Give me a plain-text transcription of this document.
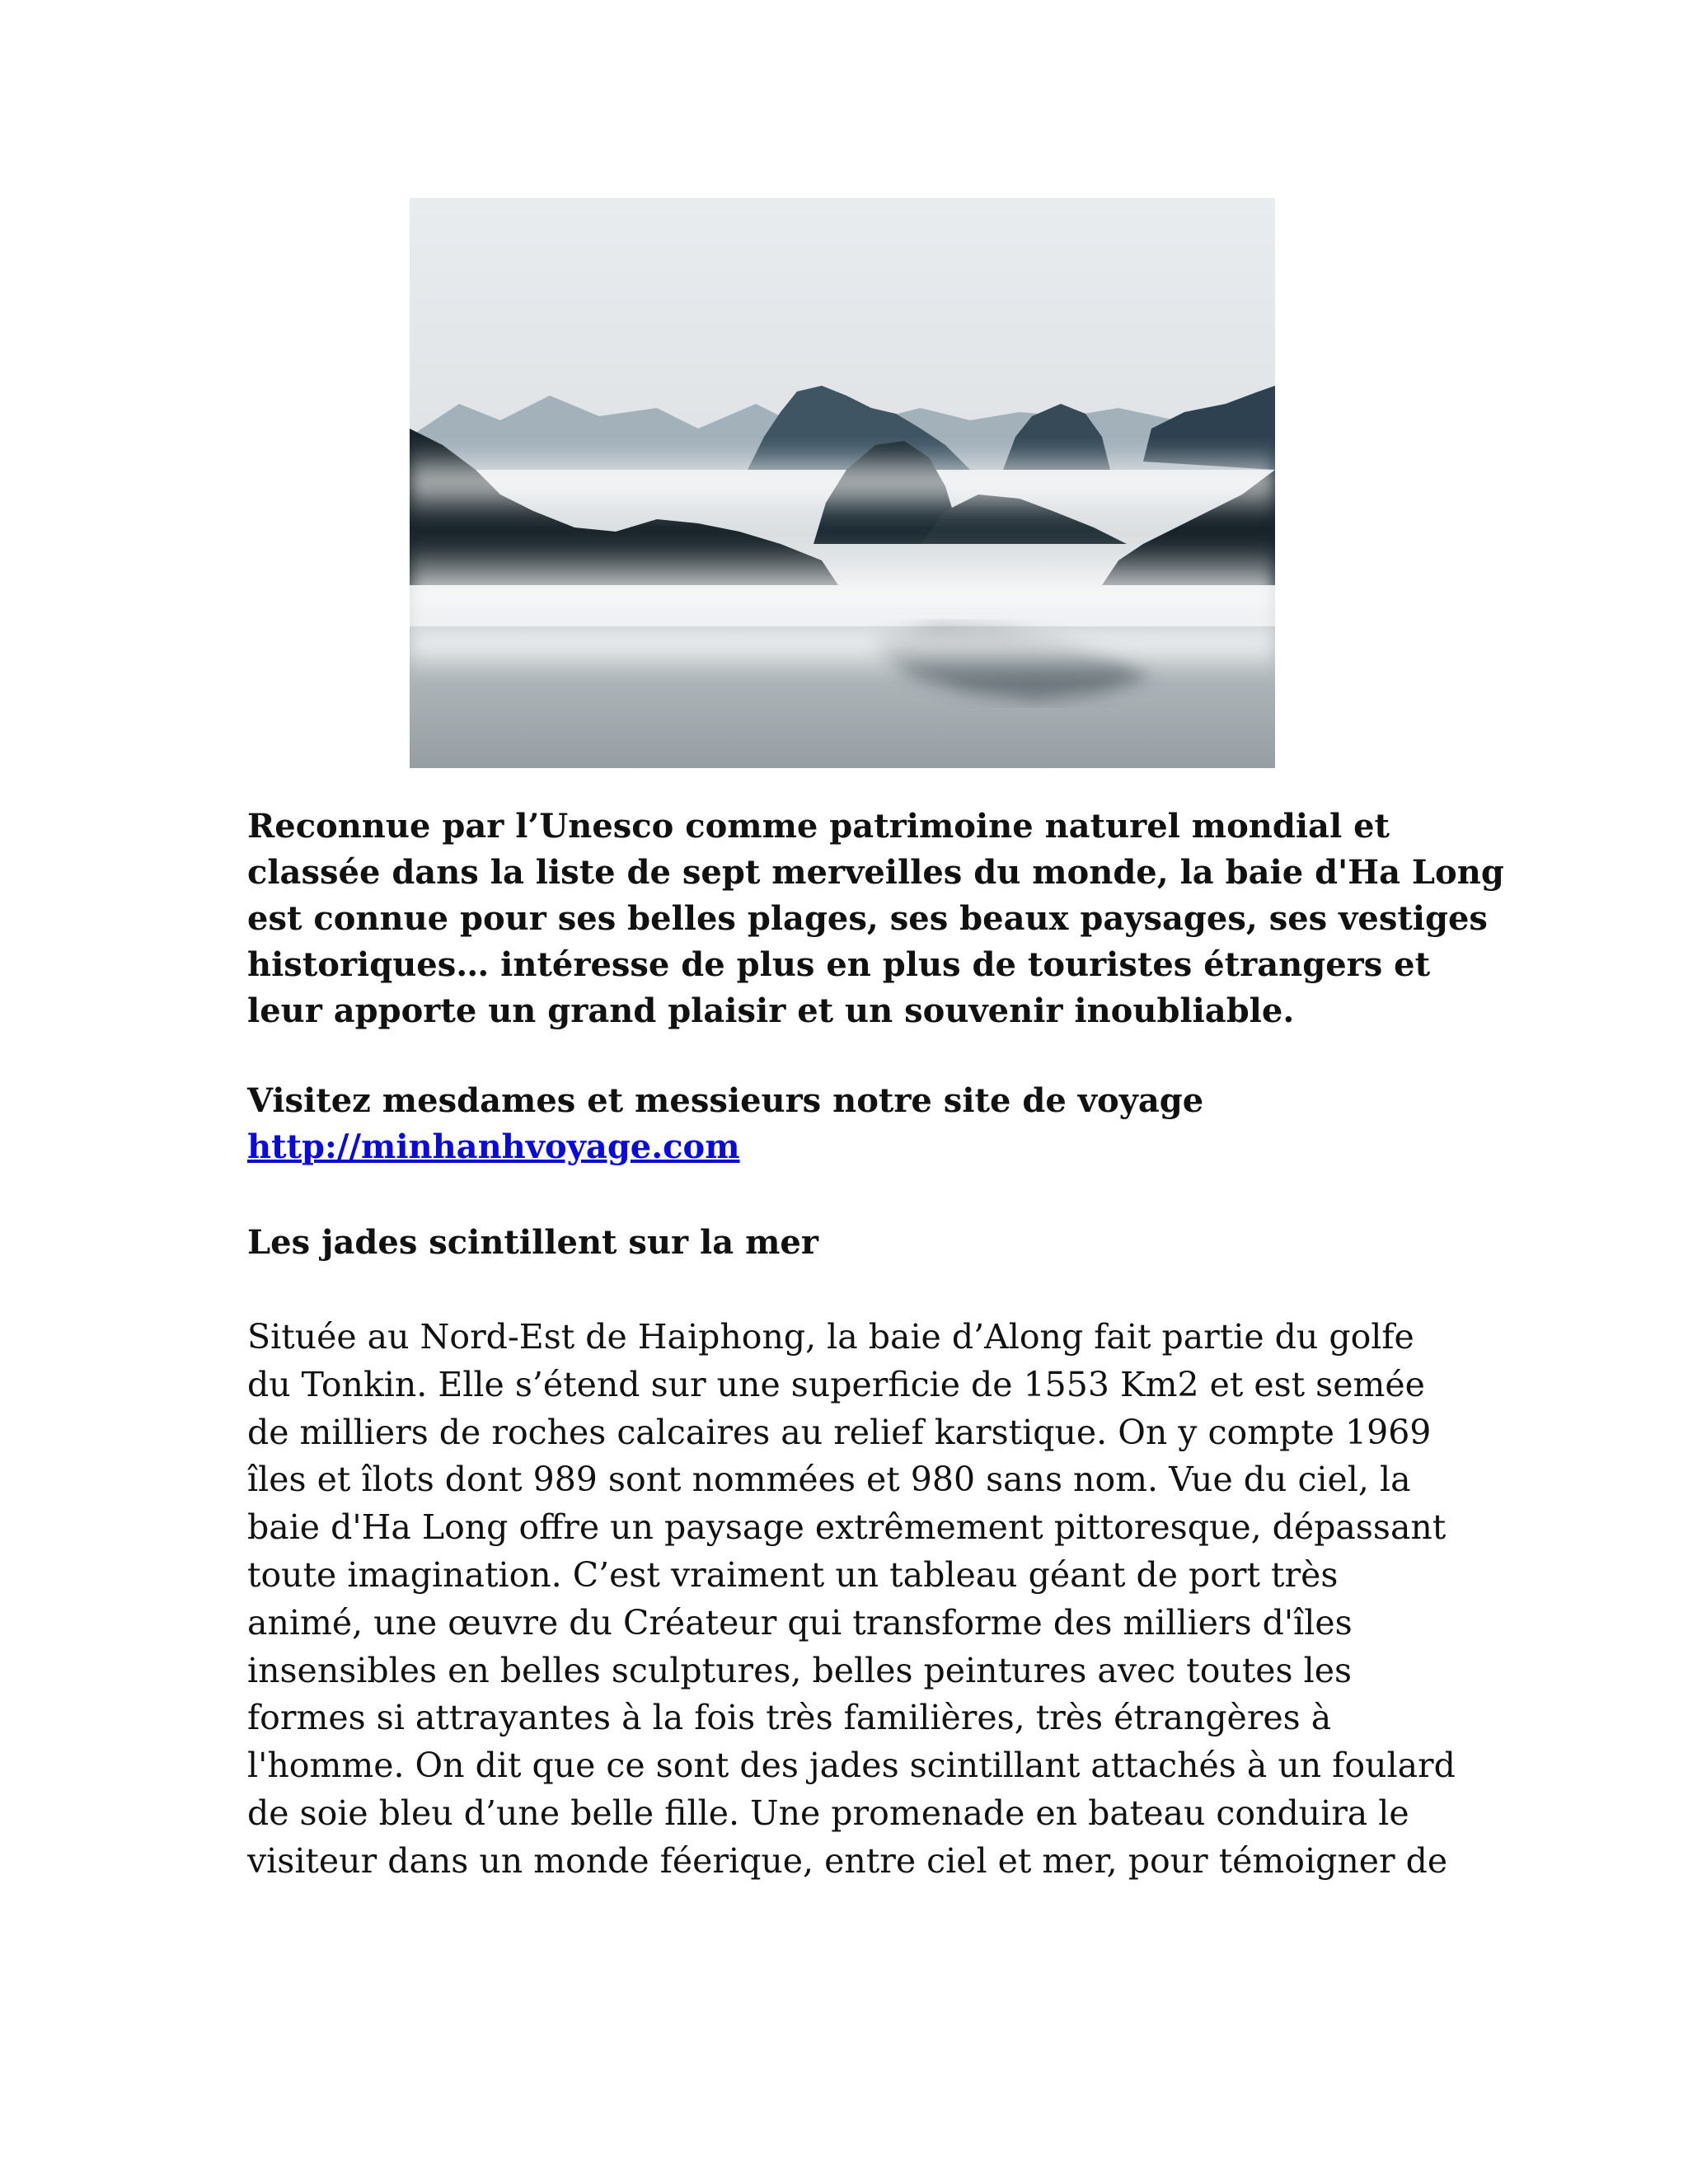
Reconnue par l’Unesco comme patrimoine naturel mondial et
classée dans la liste de sept merveilles du monde, la baie d'Ha Long
est connue pour ses belles plages, ses beaux paysages, ses vestiges
historiques… intéresse de plus en plus de touristes étrangers et
leur apporte un grand plaisir et un souvenir inoubliable.
Visitez mesdames et messieurs notre site de voyage
http://minhanhvoyage.com
Les jades scintillent sur la mer
Située au Nord-Est de Haiphong, la baie d’Along fait partie du golfe
du Tonkin. Elle s’étend sur une superficie de 1553 Km2 et est semée
de milliers de roches calcaires au relief karstique. On y compte 1969
îles et îlots dont 989 sont nommées et 980 sans nom. Vue du ciel, la
baie d'Ha Long offre un paysage extrêmement pittoresque, dépassant
toute imagination. C’est vraiment un tableau géant de port très
animé, une œuvre du Créateur qui transforme des milliers d'îles
insensibles en belles sculptures, belles peintures avec toutes les
formes si attrayantes à la fois très familières, très étrangères à
l'homme. On dit que ce sont des jades scintillant attachés à un foulard
de soie bleu d’une belle fille. Une promenade en bateau conduira le
visiteur dans un monde féerique, entre ciel et mer, pour témoigner de
